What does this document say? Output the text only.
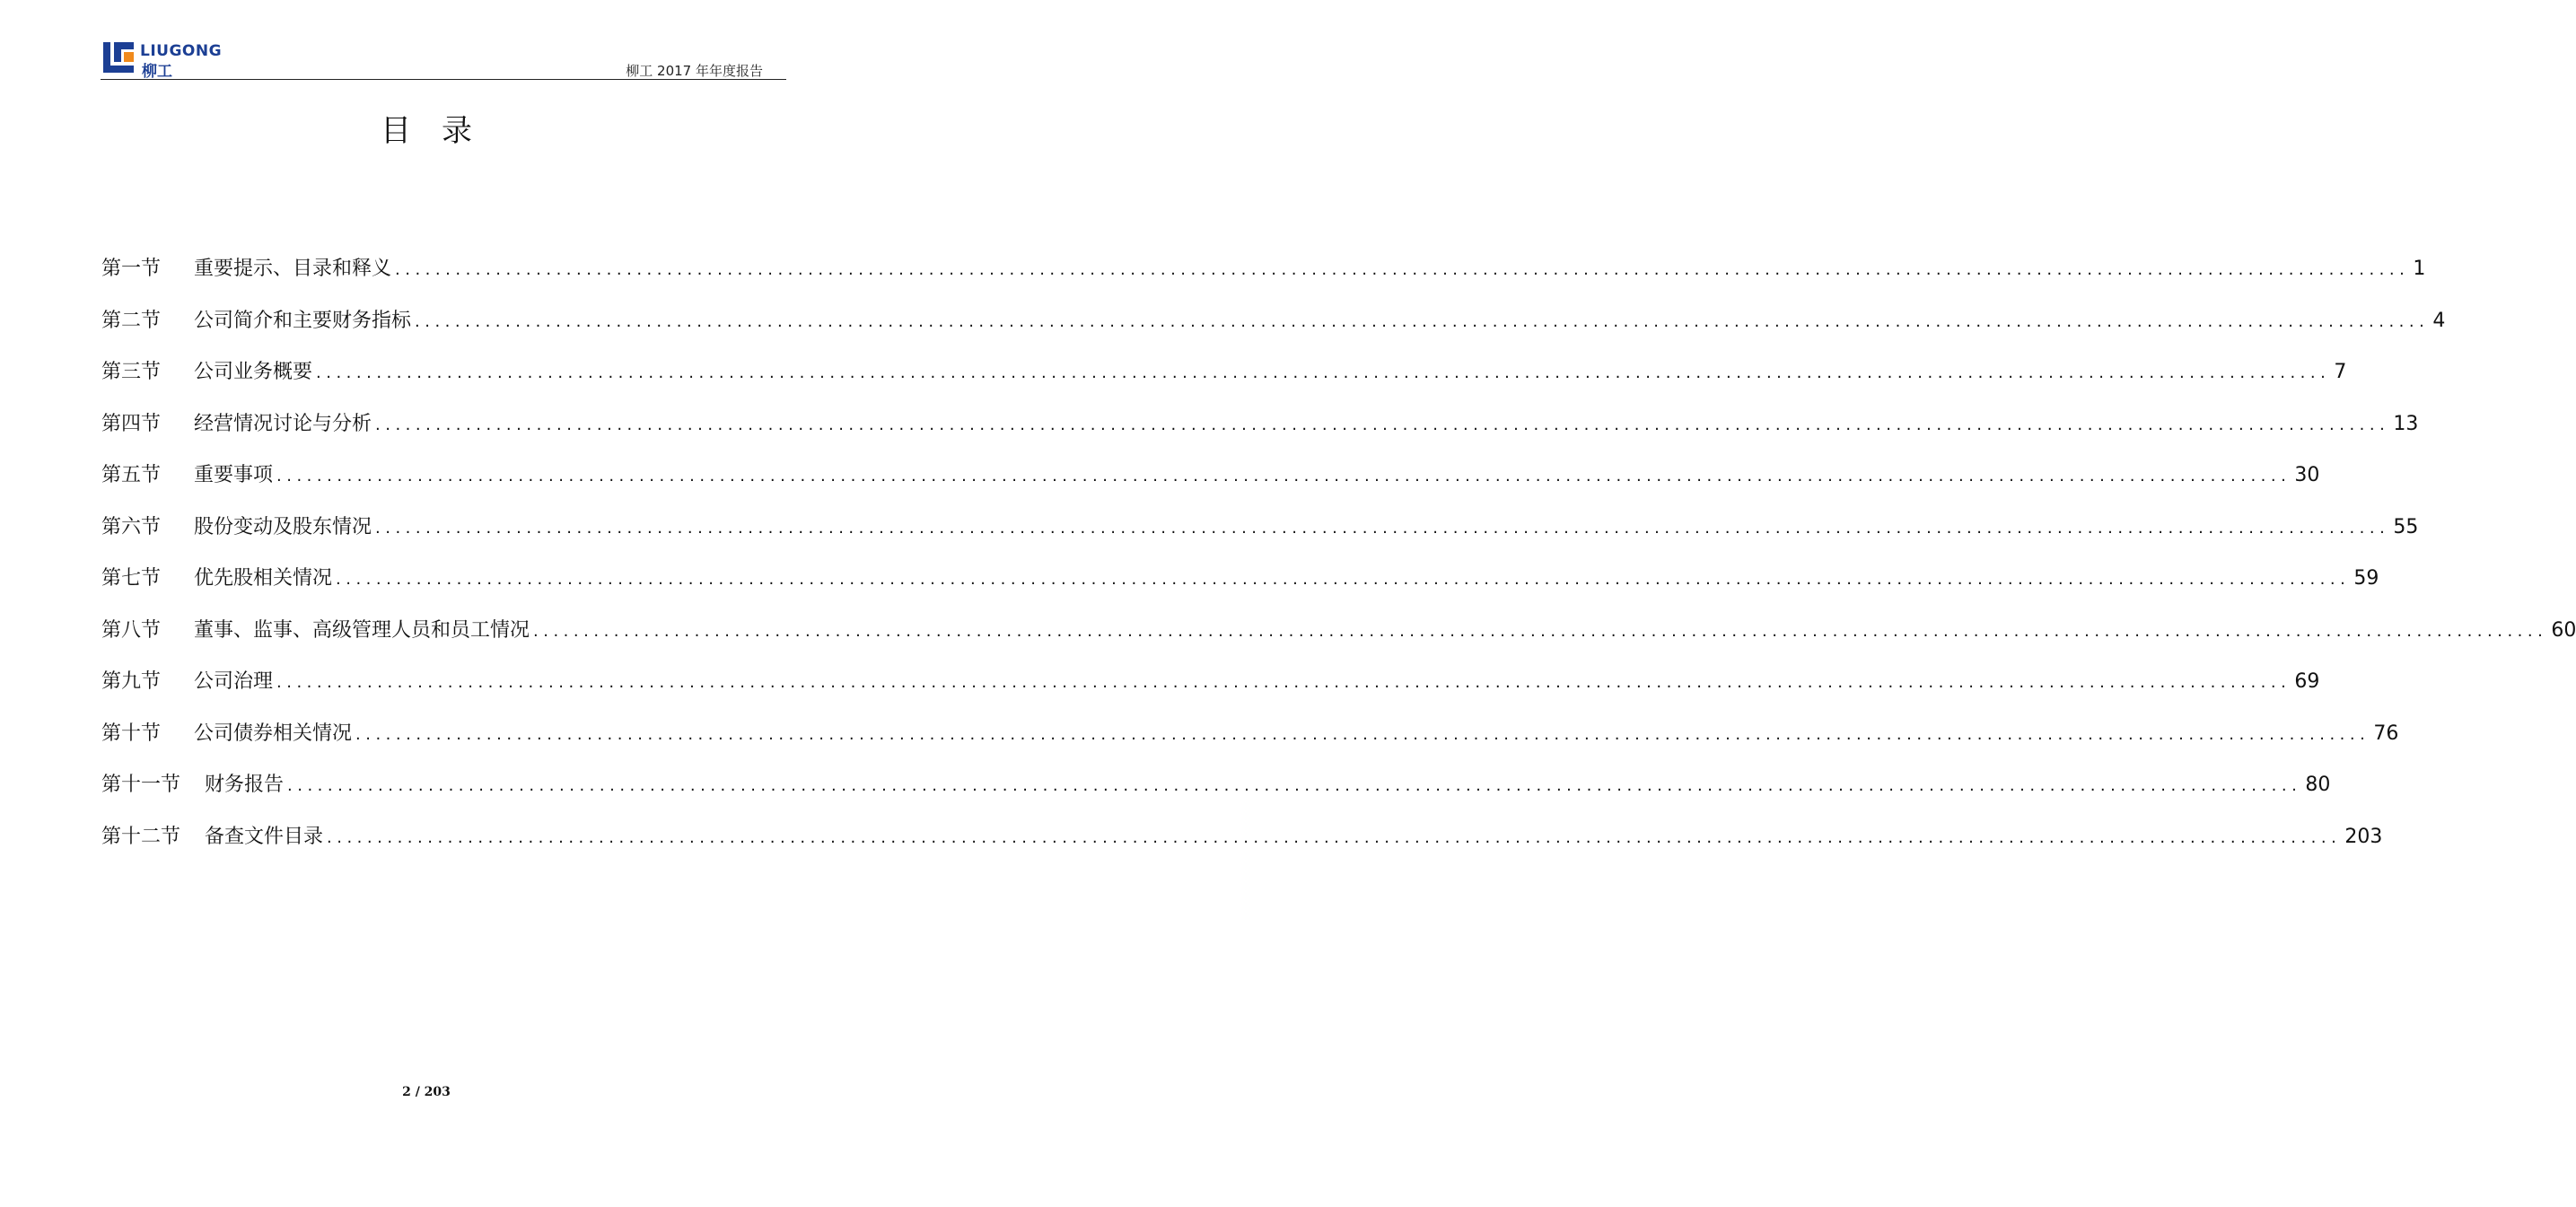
LIUGONG
柳工	柳工 2017 年年度报告
目录
第一节	重要提示、目录和释义 ........................................................................................................................................................................................................ 1
第二节	公司简介和主要财务指标 ........................................................................................................................................................................................................ 4
第三节	公司业务概要 ........................................................................................................................................................................................................ 7
第四节	经营情况讨论与分析 ........................................................................................................................................................................................................ 13
第五节	重要事项 ........................................................................................................................................................................................................ 30
第六节	股份变动及股东情况 ........................................................................................................................................................................................................ 55
第七节	优先股相关情况 ........................................................................................................................................................................................................ 59
第八节	董事、监事、高级管理人员和员工情况 ........................................................................................................................................................................................................ 60
第九节	公司治理 ........................................................................................................................................................................................................ 69
第十节	公司债券相关情况 ........................................................................................................................................................................................................ 76
第十一节	财务报告 ........................................................................................................................................................................................................ 80
第十二节	备查文件目录 ........................................................................................................................................................................................................ 203
2 / 203
